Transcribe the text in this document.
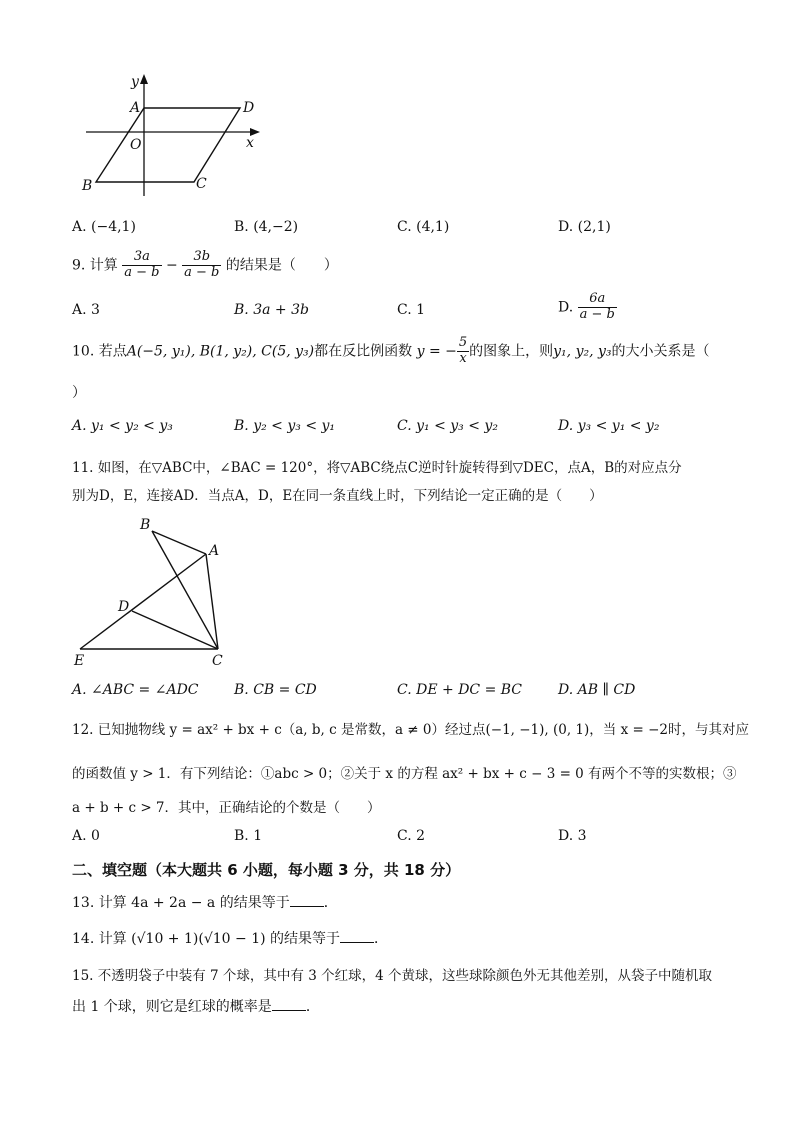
y
A	D
O	x
B	C
A. (−4,1)	B. (4,−2)	C. (4,1)	D. (2,1)
9. 计算 $\frac{3a}{a - b} - \frac{3b}{a - b}$ 的结果是（　　）
A. 3	B. 3a + 3b	C. 1	D. $\frac{6a}{a - b}$
10. 若点A(−5, y₁), B(1, y₂), C(5, y₃)都在反比例函数 y = − $\frac{5}{x}$ 的图象上，则y₁, y₂, y₃的大小关系是（
）
A. y₁ < y₂ < y₃	B. y₂ < y₃ < y₁	C. y₁ < y₃ < y₂	D. y₃ < y₁ < y₂
11. 如图，在▽ABC中，∠BAC = 120°，将▽ABC绕点C逆时针旋转得到▽DEC，点A，B的对应点分
别为D，E，连接AD．当点A，D，E在同一条直线上时，下列结论一定正确的是（　　）
B
A
D
E	C
A. ∠ABC = ∠ADC	B. CB = CD	C. DE + DC = BC	D. AB ∥ CD
12. 已知抛物线 y = ax² + bx + c（a, b, c 是常数，a ≠ 0）经过点(−1, −1), (0, 1)，当 x = −2时，与其对应
的函数值 y > 1．有下列结论：①abc > 0；②关于 x 的方程 ax² + bx + c − 3 = 0 有两个不等的实数根；③
a + b + c > 7．其中，正确结论的个数是（　　）
A. 0	B. 1	C. 2	D. 3
二、填空题（本大题共 6 小题，每小题 3 分，共 18 分）
13. 计算 4a + 2a − a 的结果等于 ．
14. 计算 (√10 + 1)(√10 − 1) 的结果等于 ．
15. 不透明袋子中装有 7 个球，其中有 3 个红球，4 个黄球，这些球除颜色外无其他差别，从袋子中随机取
出 1 个球，则它是红球的概率是 ．
